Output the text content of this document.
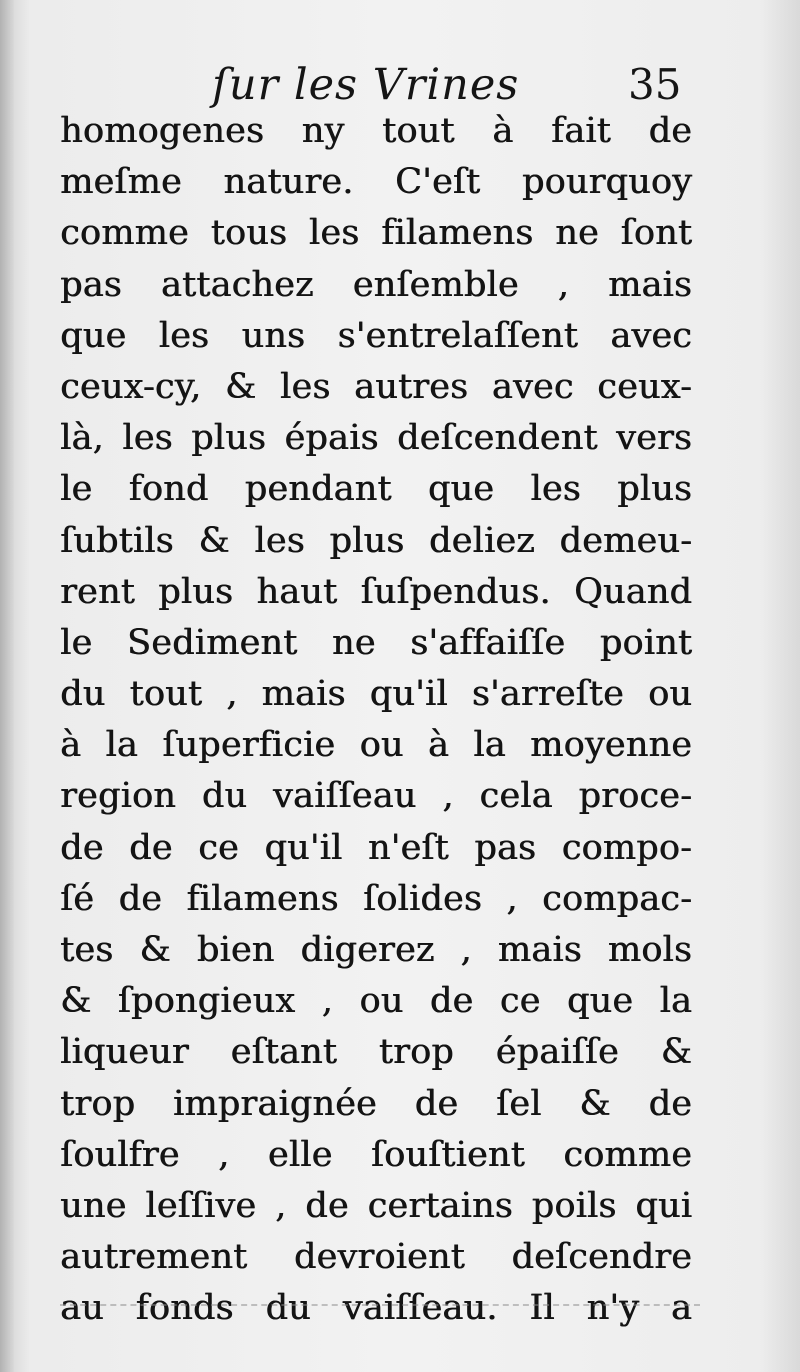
ſur les Vrines	35
homogenes ny tout à fait de
meſme nature. C'eſt pourquoy
comme tous les filamens ne ſont
pas attachez enſemble , mais
que les uns s'entrelaſſent avec
ceux-cy, & les autres avec ceux-
là, les plus épais deſcendent vers
le fond pendant que les plus
ſubtils & les plus deliez demeu-
rent plus haut ſuſpendus. Quand
le Sediment ne s'affaiſſe point
du tout , mais qu'il s'arreſte ou
à la ſuperficie ou à la moyenne
region du vaiſſeau , cela proce-
de de ce qu'il n'eſt pas compo-
ſé de filamens ſolides , compac-
tes & bien digerez , mais mols
& ſpongieux , ou de ce que la
liqueur eſtant trop épaiſſe &
trop impraignée de ſel & de
ſoulfre , elle ſouſtient comme
une leſſive , de certains poils qui
autrement devroient deſcendre
au fonds du vaiſſeau. Il n'y a
